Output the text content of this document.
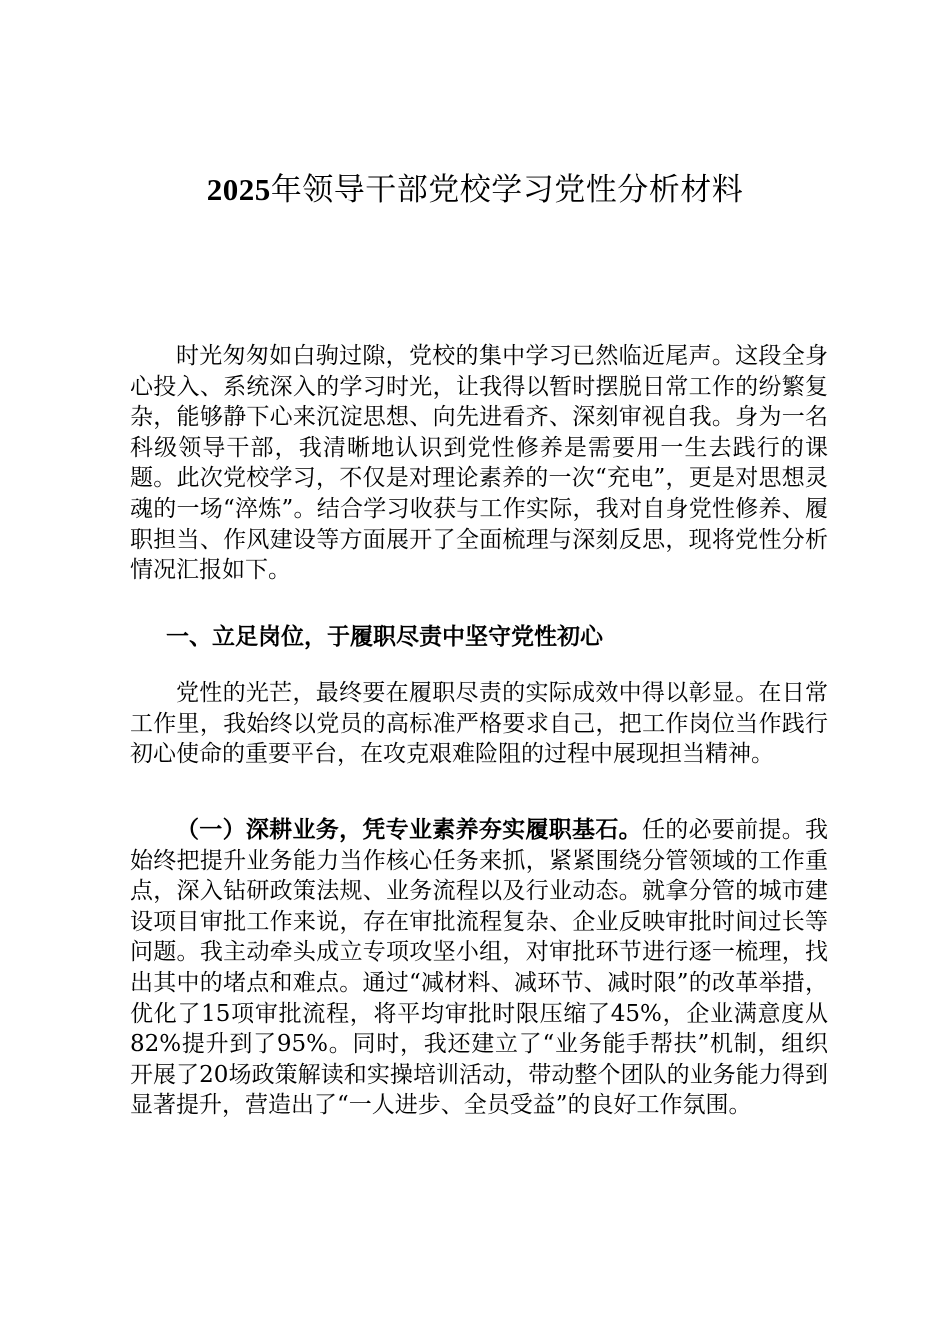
2025年领导干部党校学习党性分析材料

时光匆匆如白驹过隙，党校的集中学习已然临近尾声。这段全身心投入、系统深入的学习时光，让我得以暂时摆脱日常工作的纷繁复杂，能够静下心来沉淀思想、向先进看齐、深刻审视自我。身为一名科级领导干部，我清晰地认识到党性修养是需要用一生去践行的课题。此次党校学习，不仅是对理论素养的一次“充电”，更是对思想灵魂的一场“淬炼”。结合学习收获与工作实际，我对自身党性修养、履职担当、作风建设等方面展开了全面梳理与深刻反思，现将党性分析情况汇报如下。

一、立足岗位，于履职尽责中坚守党性初心

党性的光芒，最终要在履职尽责的实际成效中得以彰显。在日常工作里，我始终以党员的高标准严格要求自己，把工作岗位当作践行初心使命的重要平台，在攻克艰难险阻的过程中展现担当精神。

（一）深耕业务，凭专业素养夯实履职基石。任的必要前提。我始终把提升业务能力当作核心任务来抓，紧紧围绕分管领域的工作重点，深入钻研政策法规、业务流程以及行业动态。就拿分管的城市建设项目审批工作来说，存在审批流程复杂、企业反映审批时间过长等问题。我主动牵头成立专项攻坚小组，对审批环节进行逐一梳理，找出其中的堵点和难点。通过“减材料、减环节、减时限”的改革举措，优化了15项审批流程，将平均审批时限压缩了45%，企业满意度从82%提升到了95%。同时，我还建立了“业务能手帮扶”机制，组织开展了20场政策解读和实操培训活动，带动整个团队的业务能力得到显著提升，营造出了“一人进步、全员受益”的良好工作氛围。
